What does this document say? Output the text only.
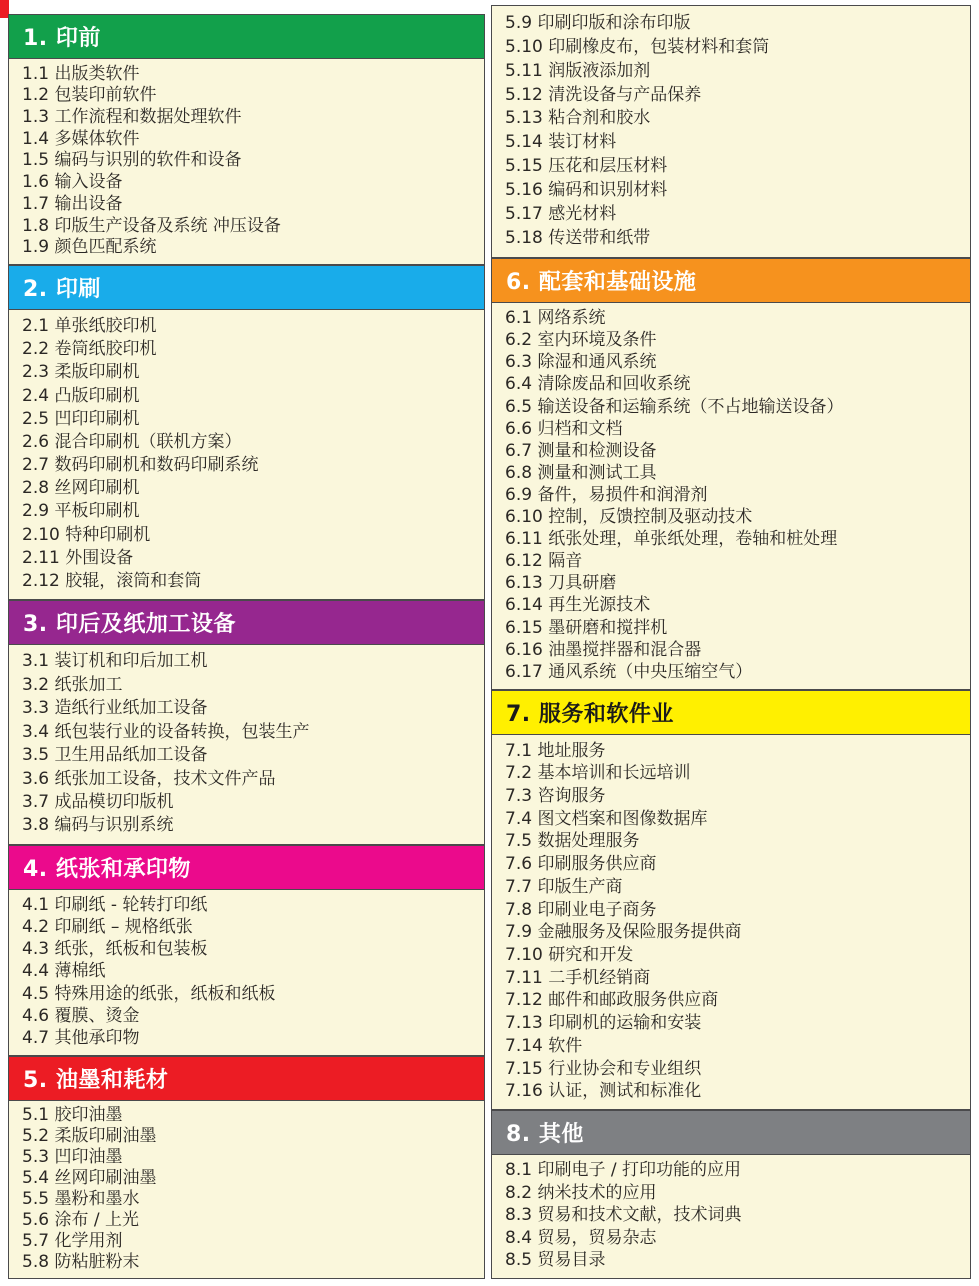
1. 印前
1.1 出版类软件
1.2 包装印前软件
1.3 工作流程和数据处理软件
1.4 多媒体软件
1.5 编码与识别的软件和设备
1.6 输入设备
1.7 输出设备
1.8 印版生产设备及系统 冲压设备
1.9 颜色匹配系统
2. 印刷
2.1 单张纸胶印机
2.2 卷筒纸胶印机
2.3 柔版印刷机
2.4 凸版印刷机
2.5 凹印印刷机
2.6 混合印刷机（联机方案）
2.7 数码印刷机和数码印刷系统
2.8 丝网印刷机
2.9 平板印刷机
2.10 特种印刷机
2.11 外围设备
2.12 胶辊，滚筒和套筒
3. 印后及纸加工设备
3.1 装订机和印后加工机
3.2 纸张加工
3.3 造纸行业纸加工设备
3.4 纸包装行业的设备转换，包装生产
3.5 卫生用品纸加工设备
3.6 纸张加工设备，技术文件产品
3.7 成品模切印版机
3.8 编码与识别系统
4. 纸张和承印物
4.1 印刷纸 - 轮转打印纸
4.2 印刷纸 – 规格纸张
4.3 纸张，纸板和包装板
4.4 薄棉纸
4.5 特殊用途的纸张，纸板和纸板
4.6 覆膜、烫金
4.7 其他承印物
5. 油墨和耗材
5.1 胶印油墨
5.2 柔版印刷油墨
5.3 凹印油墨
5.4 丝网印刷油墨
5.5 墨粉和墨水
5.6 涂布 / 上光
5.7 化学用剂
5.8 防粘脏粉末
5.9 印刷印版和涂布印版
5.10 印刷橡皮布，包装材料和套筒
5.11 润版液添加剂
5.12 清洗设备与产品保养
5.13 粘合剂和胶水
5.14 装订材料
5.15 压花和层压材料
5.16 编码和识别材料
5.17 感光材料
5.18 传送带和纸带
6. 配套和基础设施
6.1 网络系统
6.2 室内环境及条件
6.3 除湿和通风系统
6.4 清除废品和回收系统
6.5 输送设备和运输系统（不占地输送设备）
6.6 归档和文档
6.7 测量和检测设备
6.8 测量和测试工具
6.9 备件，易损件和润滑剂
6.10 控制，反馈控制及驱动技术
6.11 纸张处理，单张纸处理，卷轴和桩处理
6.12 隔音
6.13 刀具研磨
6.14 再生光源技术
6.15 墨研磨和搅拌机
6.16 油墨搅拌器和混合器
6.17 通风系统（中央压缩空气）
7. 服务和软件业
7.1 地址服务
7.2 基本培训和长远培训
7.3 咨询服务
7.4 图文档案和图像数据库
7.5 数据处理服务
7.6 印刷服务供应商
7.7 印版生产商
7.8 印刷业电子商务
7.9 金融服务及保险服务提供商
7.10 研究和开发
7.11 二手机经销商
7.12 邮件和邮政服务供应商
7.13 印刷机的运输和安装
7.14 软件
7.15 行业协会和专业组织
7.16 认证，测试和标准化
8. 其他
8.1 印刷电子 / 打印功能的应用
8.2 纳米技术的应用
8.3 贸易和技术文献，技术词典
8.4 贸易，贸易杂志
8.5 贸易目录
